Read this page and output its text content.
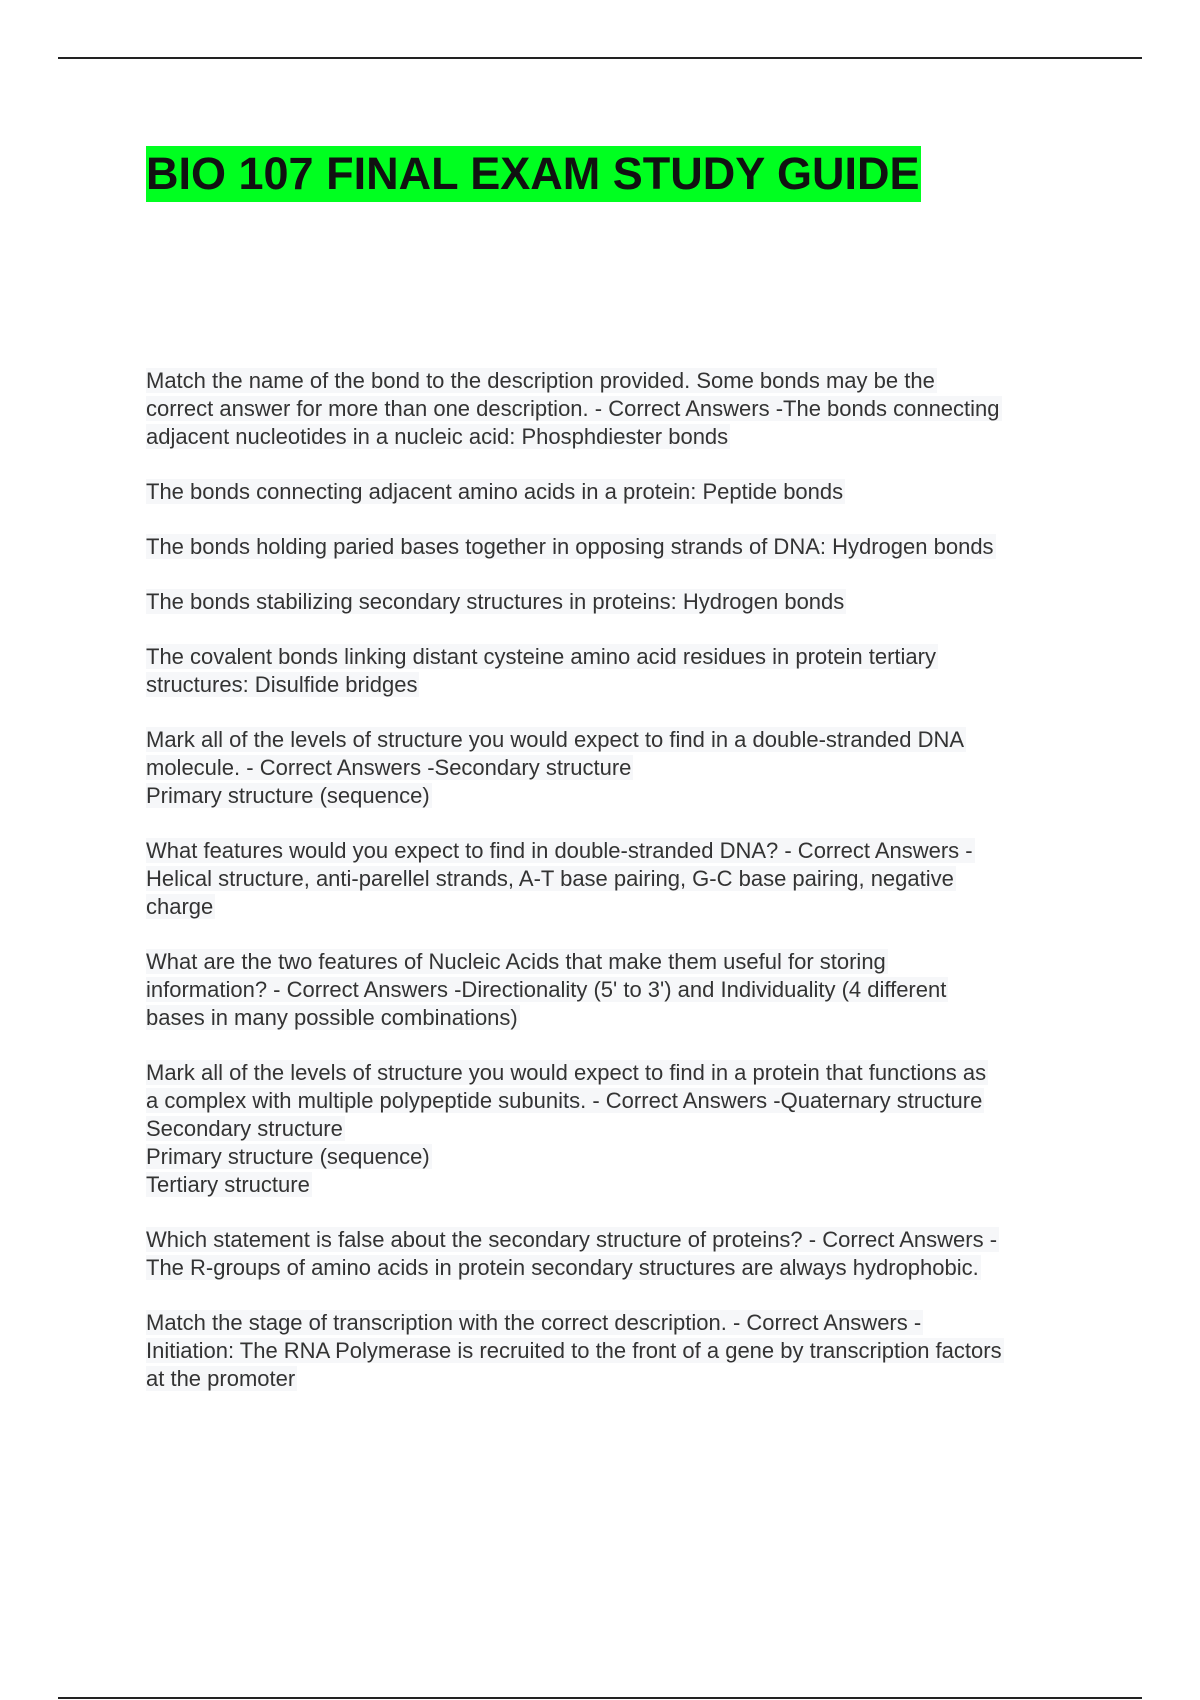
BIO 107 FINAL EXAM STUDY GUIDE
Match the name of the bond to the description provided. Some bonds may be the
correct answer for more than one description. - Correct Answers -The bonds connecting
adjacent nucleotides in a nucleic acid: Phosphdiester bonds
The bonds connecting adjacent amino acids in a protein: Peptide bonds
The bonds holding paried bases together in opposing strands of DNA: Hydrogen bonds
The bonds stabilizing secondary structures in proteins: Hydrogen bonds
The covalent bonds linking distant cysteine amino acid residues in protein tertiary
structures: Disulfide bridges
Mark all of the levels of structure you would expect to find in a double-stranded DNA
molecule. - Correct Answers -Secondary structure
Primary structure (sequence)
What features would you expect to find in double-stranded DNA? - Correct Answers -
Helical structure, anti-parellel strands, A-T base pairing, G-C base pairing, negative
charge
What are the two features of Nucleic Acids that make them useful for storing
information? - Correct Answers -Directionality (5' to 3') and Individuality (4 different
bases in many possible combinations)
Mark all of the levels of structure you would expect to find in a protein that functions as
a complex with multiple polypeptide subunits. - Correct Answers -Quaternary structure
Secondary structure
Primary structure (sequence)
Tertiary structure
Which statement is false about the secondary structure of proteins? - Correct Answers -
The R-groups of amino acids in protein secondary structures are always hydrophobic.
Match the stage of transcription with the correct description. - Correct Answers -
Initiation: The RNA Polymerase is recruited to the front of a gene by transcription factors
at the promoter
